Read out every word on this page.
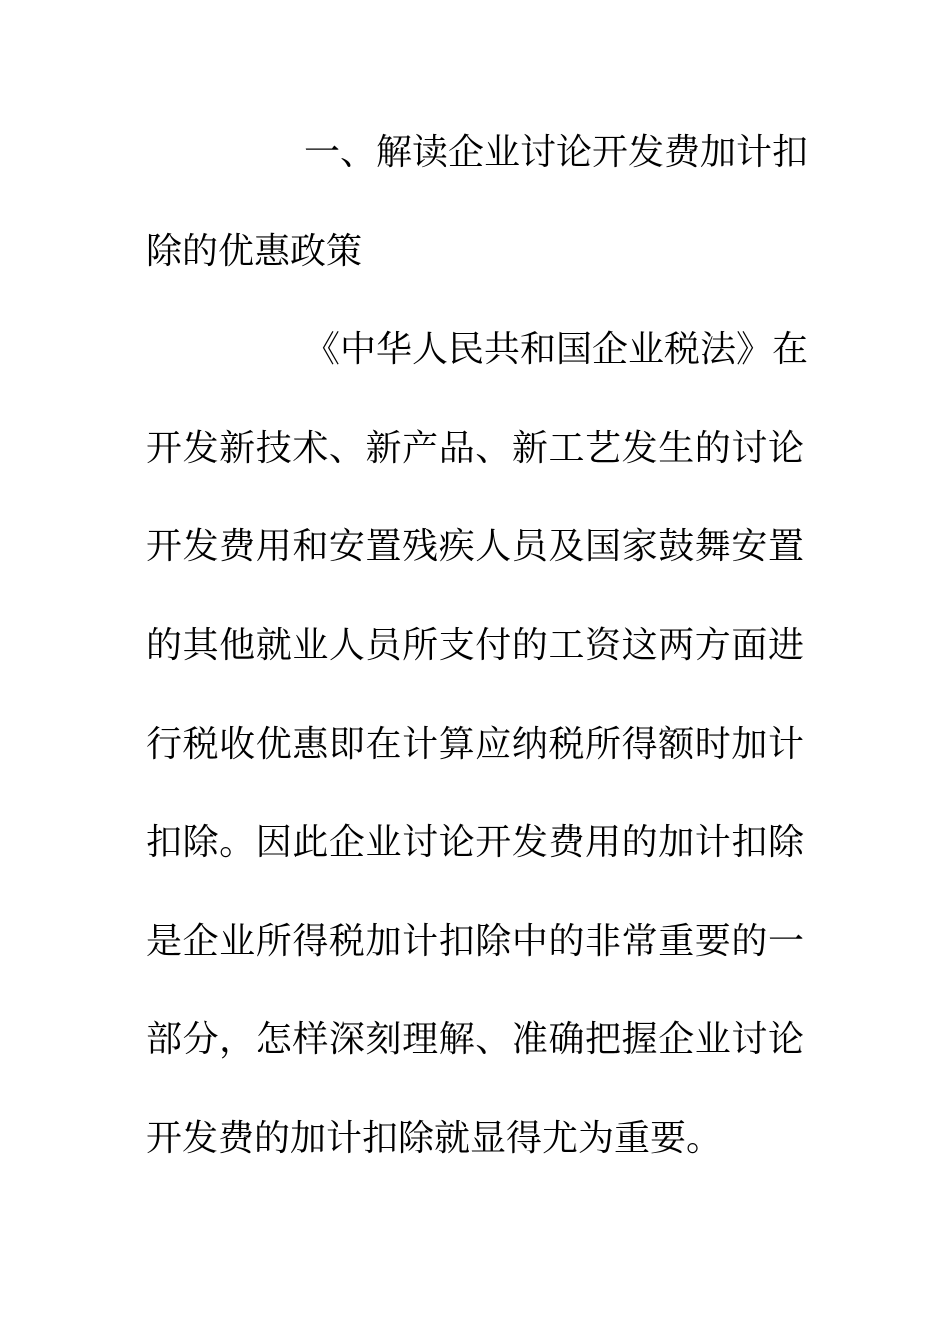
一、解读企业讨论开发费加计扣
除的优惠政策
《中华人民共和国企业税法》在
开发新技术、新产品、新工艺发生的讨论
开发费用和安置残疾人员及国家鼓舞安置
的其他就业人员所支付的工资这两方面进
行税收优惠即在计算应纳税所得额时加计
扣除。因此企业讨论开发费用的加计扣除
是企业所得税加计扣除中的非常重要的一
部分，怎样深刻理解、准确把握企业讨论
开发费的加计扣除就显得尤为重要。
